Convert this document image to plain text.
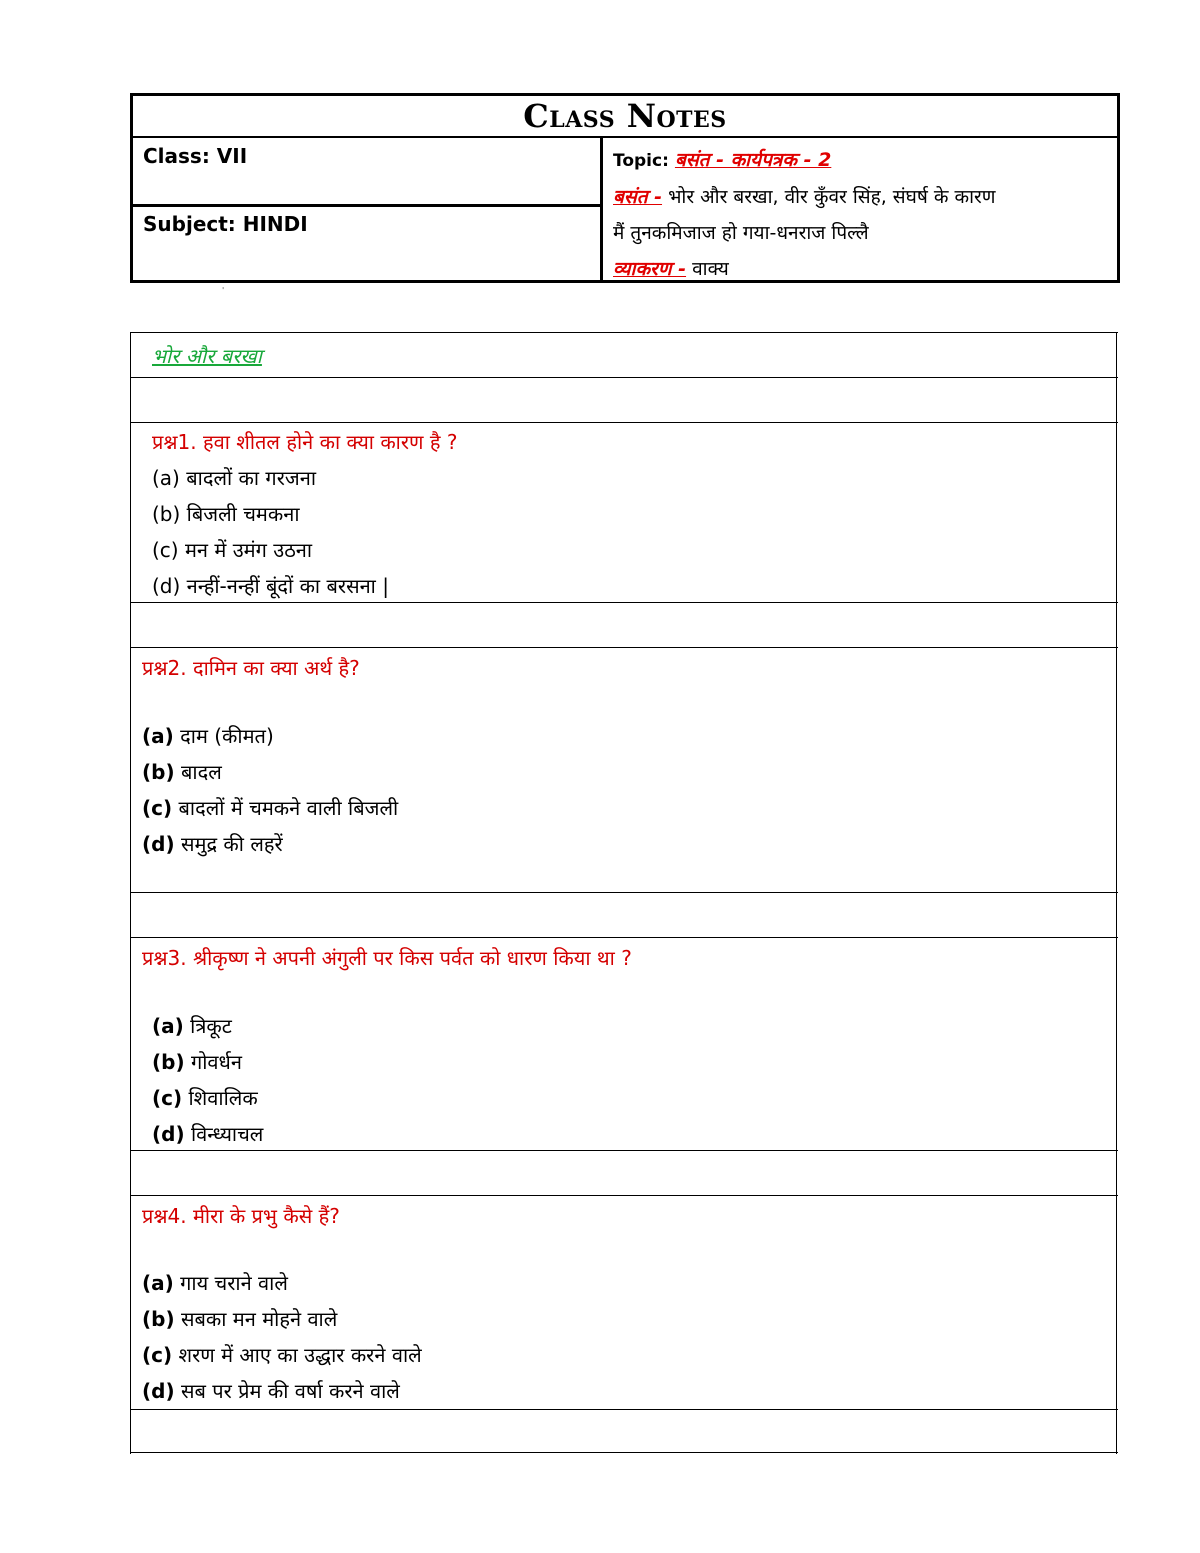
Class Notes
Class: VII
Subject: HINDI
Topic: बसंत - कार्यपत्रक - 2
बसंत - भोर और बरखा, वीर कुँवर सिंह, संघर्ष के कारण
मैं तुनकमिजाज हो गया-धनराज पिल्लै
व्याकरण - वाक्य
'
भोर और बरखा
प्रश्न1. हवा शीतल होने का क्या कारण है ?
(a) बादलों का गरजना
(b) बिजली चमकना
(c) मन में उमंग उठना
(d) नन्हीं-नन्हीं बूंदों का बरसना |
प्रश्न2. दामिन का क्या अर्थ है?
(a) दाम (कीमत)
(b) बादल
(c) बादलों में चमकने वाली बिजली
(d) समुद्र की लहरें
प्रश्न3. श्रीकृष्ण ने अपनी अंगुली पर किस पर्वत को धारण किया था ?
(a) त्रिकूट
(b) गोवर्धन
(c) शिवालिक
(d) विन्ध्याचल
प्रश्न4. मीरा के प्रभु कैसे हैं?
(a) गाय चराने वाले
(b) सबका मन मोहने वाले
(c) शरण में आए का उद्धार करने वाले
(d) सब पर प्रेम की वर्षा करने वाले
